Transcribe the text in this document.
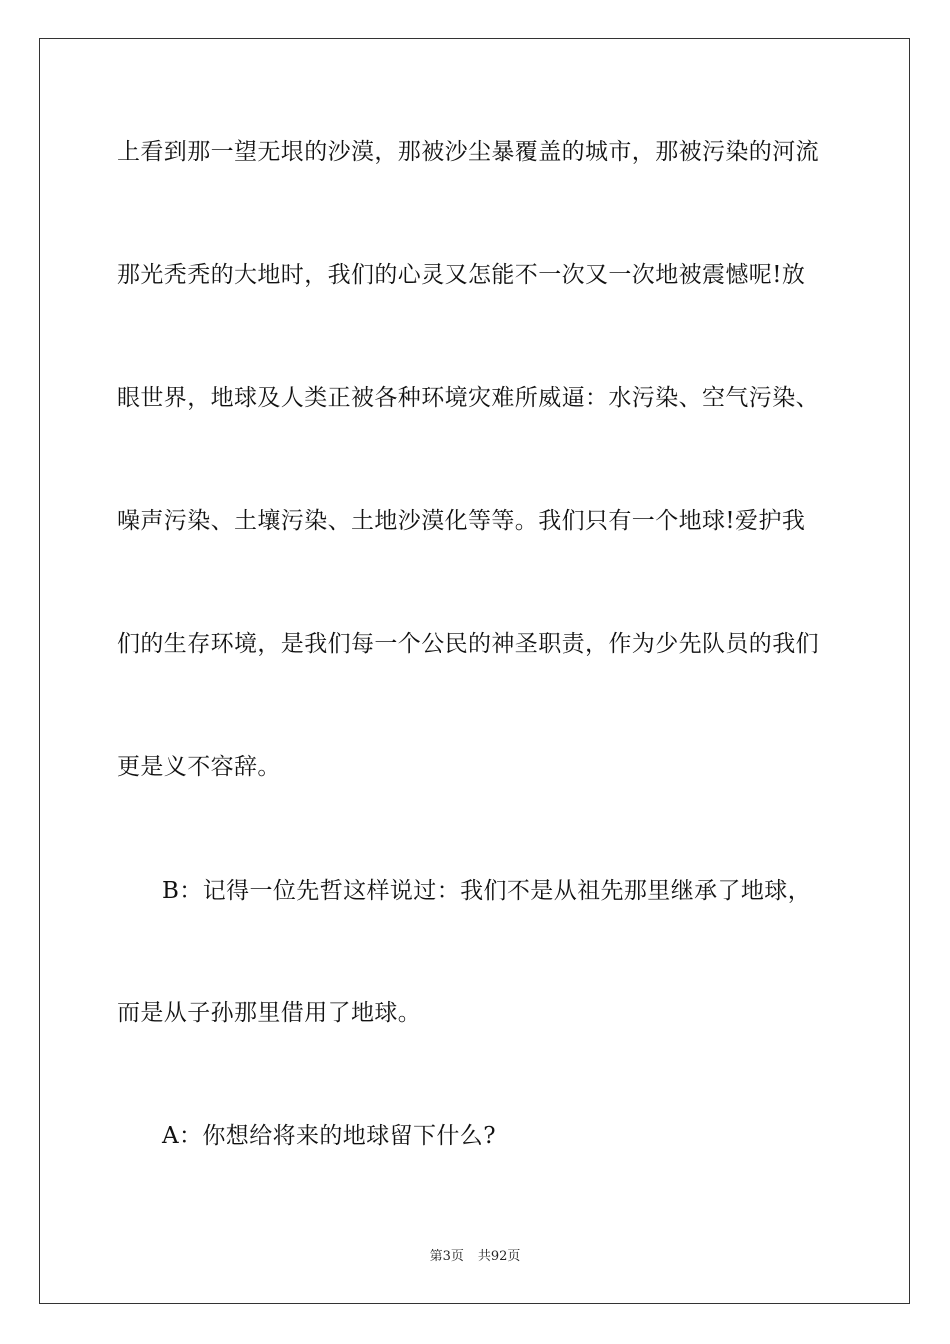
上看到那一望无垠的沙漠，那被沙尘暴覆盖的城市，那被污染的河流
那光秃秃的大地时，我们的心灵又怎能不一次又一次地被震憾呢!放
眼世界，地球及人类正被各种环境灾难所威逼：水污染、空气污染、
噪声污染、土壤污染、土地沙漠化等等。我们只有一个地球!爱护我
们的生存环境，是我们每一个公民的神圣职责，作为少先队员的我们
更是义不容辞。
B：记得一位先哲这样说过：我们不是从祖先那里继承了地球，
而是从子孙那里借用了地球。
A：你想给将来的地球留下什么?
第3页 共92页
